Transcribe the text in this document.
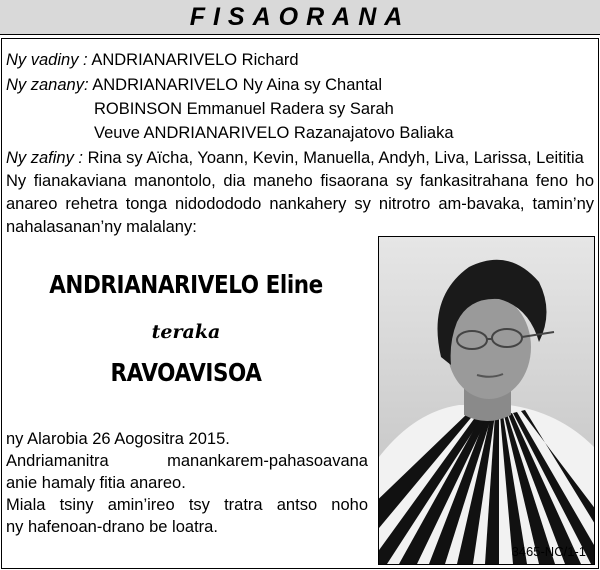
FISAORANA
Ny vadiny : ANDRIANARIVELO Richard
Ny zanany: ANDRIANARIVELO Ny Aina sy Chantal
ROBINSON Emmanuel Radera sy Sarah
Veuve ANDRIANARIVELO Razanajatovo Baliaka
Ny zafiny : Rina sy Aïcha, Yoann, Kevin, Manuella, Andyh, Liva, Larissa, Leititia
Ny fianakaviana manontolo, dia maneho fisaorana sy fankasitrahana feno ho
anareo rehetra tonga nidodododo nankahery sy nitrotro am-bavaka, tamin’ny
nahalasanan’ny malalany:
ANDRIANARIVELO Eline
teraka
RAVOAVISOA
ny Alarobia 26 Aogositra 2015.
Andriamanitra manankarem-pahasoavana
anie hamaly fitia anareo.
Miala tsiny amin’ireo tsy tratra antso noho
ny hafenoan-drano be loatra.
3465-NC/1-1
